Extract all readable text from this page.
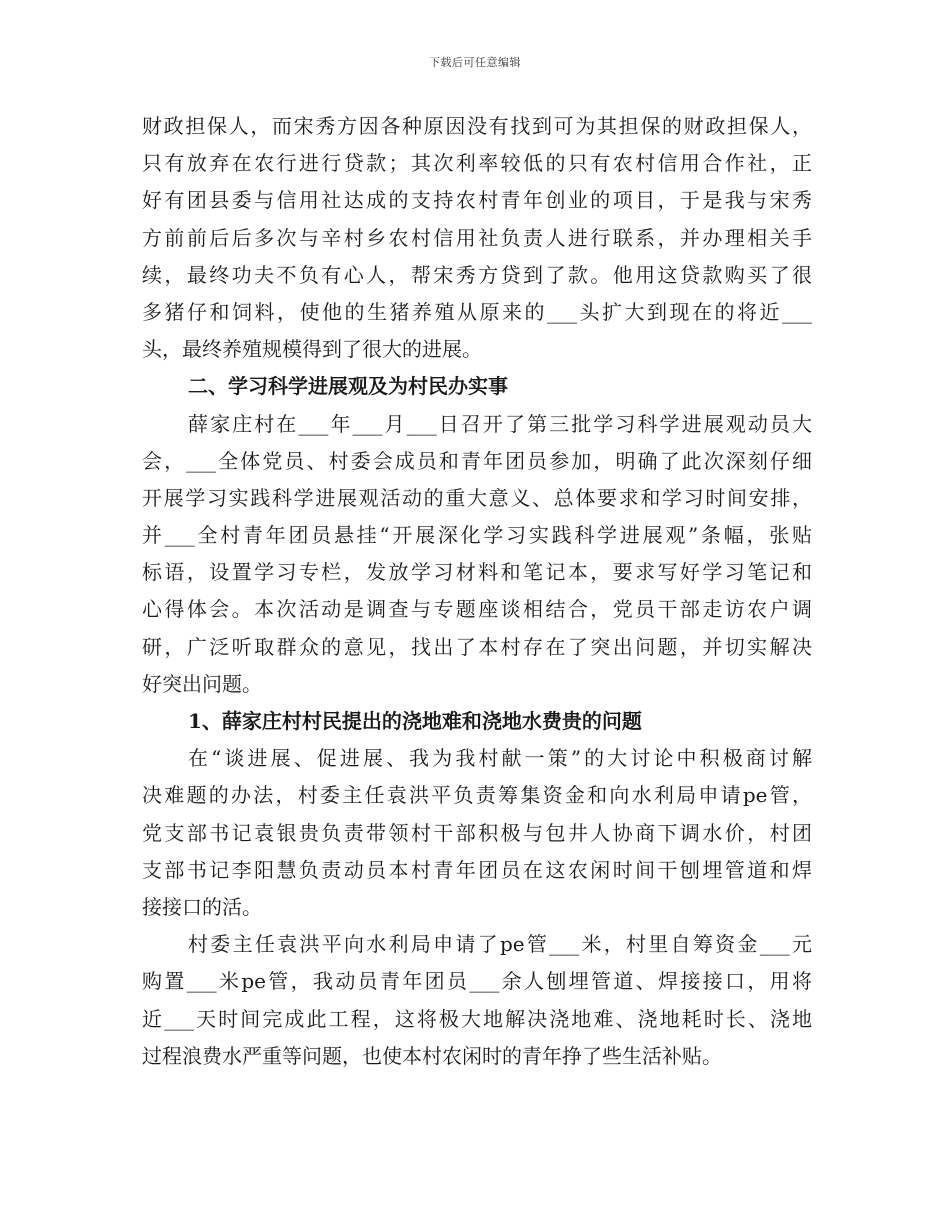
下载后可任意编辑
财政担保人，而宋秀方因各种原因没有找到可为其担保的财政担保人，
只有放弃在农行进行贷款；其次利率较低的只有农村信用合作社，正
好有团县委与信用社达成的支持农村青年创业的项目，于是我与宋秀
方前前后后多次与辛村乡农村信用社负责人进行联系，并办理相关手
续，最终功夫不负有心人，帮宋秀方贷到了款。他用这贷款购买了很
多猪仔和饲料，使他的生猪养殖从原来的___头扩大到现在的将近___
头，最终养殖规模得到了很大的进展。
二、学习科学进展观及为村民办实事
薛家庄村在___年___月___日召开了第三批学习科学进展观动员大
会，___全体党员、村委会成员和青年团员参加，明确了此次深刻仔细
开展学习实践科学进展观活动的重大意义、总体要求和学习时间安排，
并___全村青年团员悬挂“开展深化学习实践科学进展观”条幅，张贴
标语，设置学习专栏，发放学习材料和笔记本，要求写好学习笔记和
心得体会。本次活动是调查与专题座谈相结合，党员干部走访农户调
研，广泛听取群众的意见，找出了本村存在了突出问题，并切实解决
好突出问题。
1、薛家庄村村民提出的浇地难和浇地水费贵的问题
在“谈进展、促进展、我为我村献一策”的大讨论中积极商讨解
决难题的办法，村委主任袁洪平负责筹集资金和向水利局申请pe管，
党支部书记袁银贵负责带领村干部积极与包井人协商下调水价，村团
支部书记李阳慧负责动员本村青年团员在这农闲时间干刨埋管道和焊
接接口的活。
村委主任袁洪平向水利局申请了pe管___米，村里自筹资金___元
购置___米pe管，我动员青年团员___余人刨埋管道、焊接接口，用将
近___天时间完成此工程，这将极大地解决浇地难、浇地耗时长、浇地
过程浪费水严重等问题，也使本村农闲时的青年挣了些生活补贴。
